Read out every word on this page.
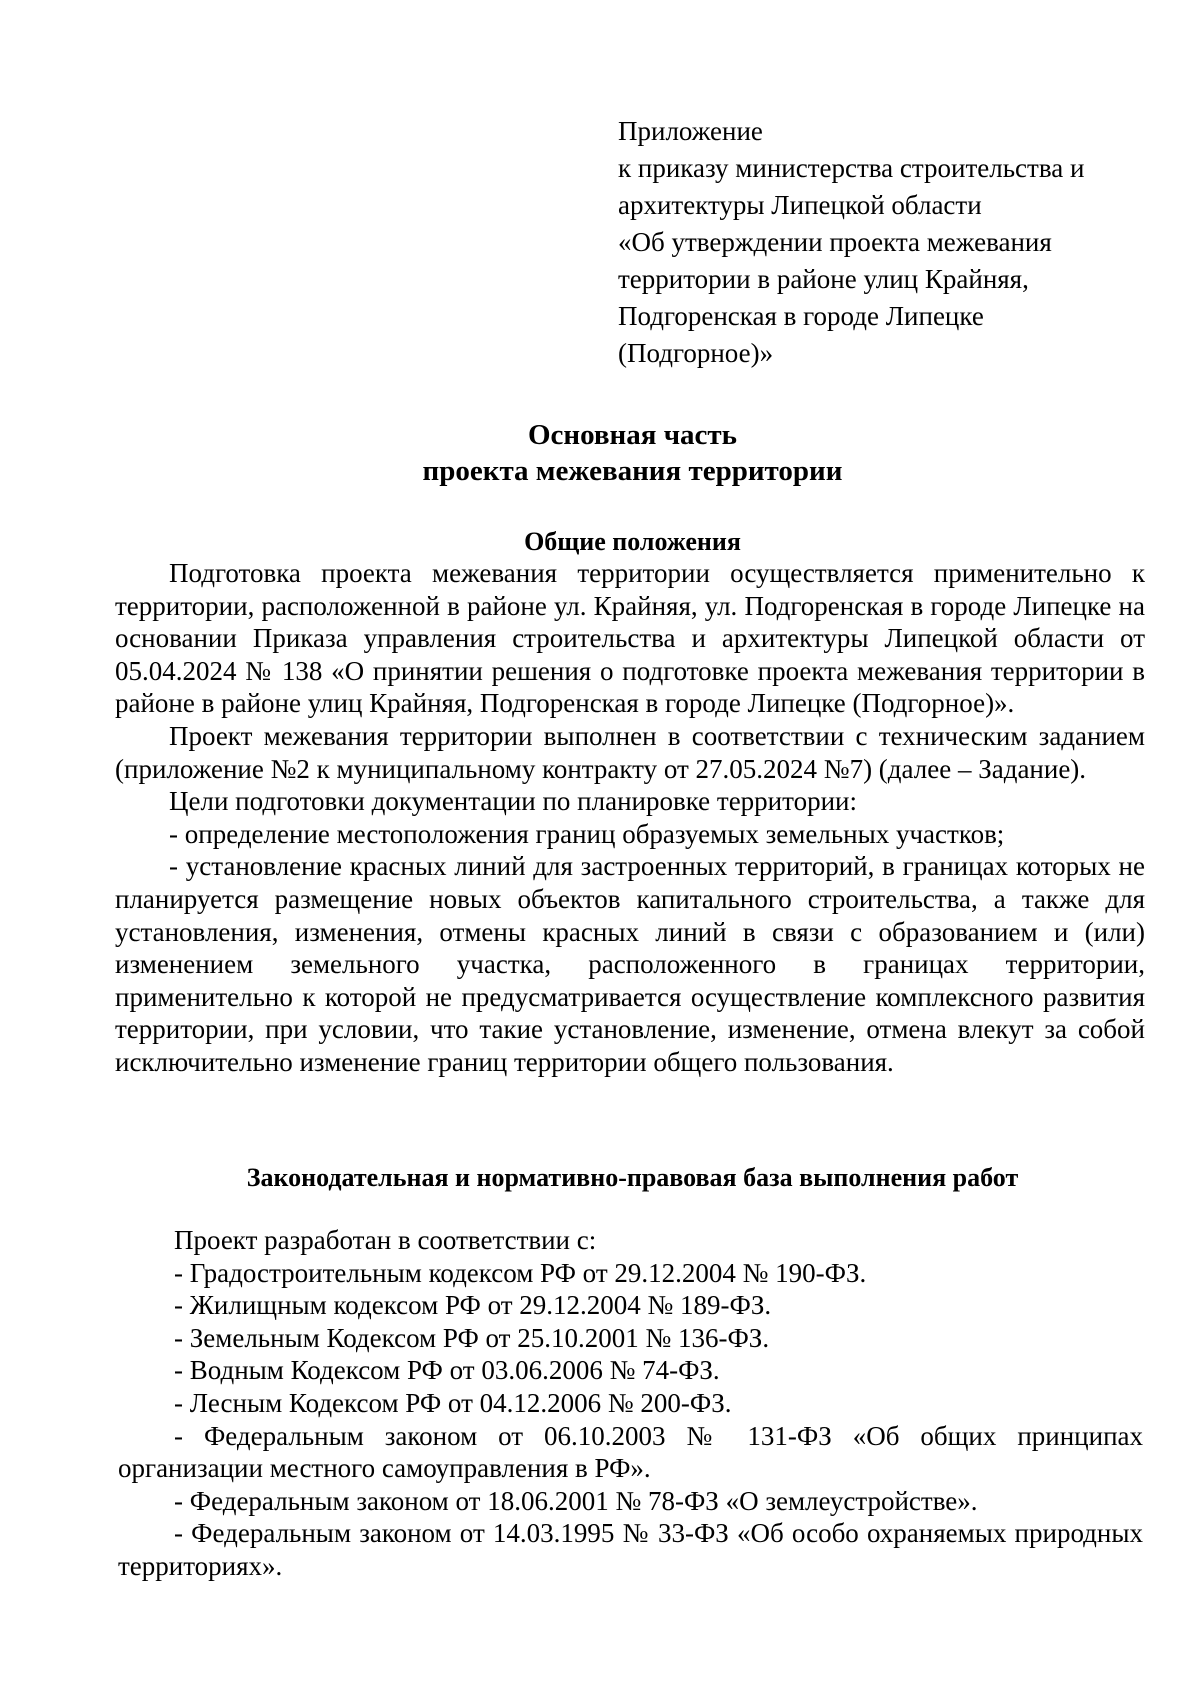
Приложение
к приказу министерства строительства и
архитектуры Липецкой области
«Об утверждении проекта межевания
территории в районе улиц Крайняя,
Подгоренская в городе Липецке
(Подгорное)»
Основная часть
проекта межевания территории
Общие положения

Подготовка проекта межевания территории осуществляется применительно к территории, расположенной в районе ул. Крайняя, ул. Подгоренская в городе Липецке на основании Приказа управления строительства и архитектуры Липецкой области от 05.04.2024 № 138 «О принятии решения о подготовке проекта межевания территории в районе в районе улиц Крайняя, Подгоренская в городе Липецке (Подгорное)».

Проект межевания территории выполнен в соответствии с техническим заданием (приложение №2 к муниципальному контракту от 27.05.2024 №7) (далее – Задание).

Цели подготовки документации по планировке территории:

- определение местоположения границ образуемых земельных участков;

- установление красных линий для застроенных территорий, в границах которых не планируется размещение новых объектов капитального строительства, а также для установления, изменения, отмены красных линий в связи с образованием и (или) изменением земельного участка, расположенного в границах территории, применительно к которой не предусматривается осуществление комплексного развития территории, при условии, что такие установление, изменение, отмена влекут за собой исключительно изменение границ территории общего пользования.

Законодательная и нормативно-правовая база выполнения работ

Проект разработан в соответствии с:

- Градостроительным кодексом РФ от 29.12.2004 № 190-ФЗ.

- Жилищным кодексом РФ от 29.12.2004 № 189-ФЗ.

- Земельным Кодексом РФ от 25.10.2001 № 136-ФЗ.

- Водным Кодексом РФ от 03.06.2006 № 74-ФЗ.

- Лесным Кодексом РФ от 04.12.2006 № 200-ФЗ.

- Федеральным законом от 06.10.2003 № 131-ФЗ «Об общих принципах организации местного самоуправления в РФ».

- Федеральным законом от 18.06.2001 № 78-ФЗ «О землеустройстве».

- Федеральным законом от 14.03.1995 № 33-ФЗ «Об особо охраняемых природных территориях».
